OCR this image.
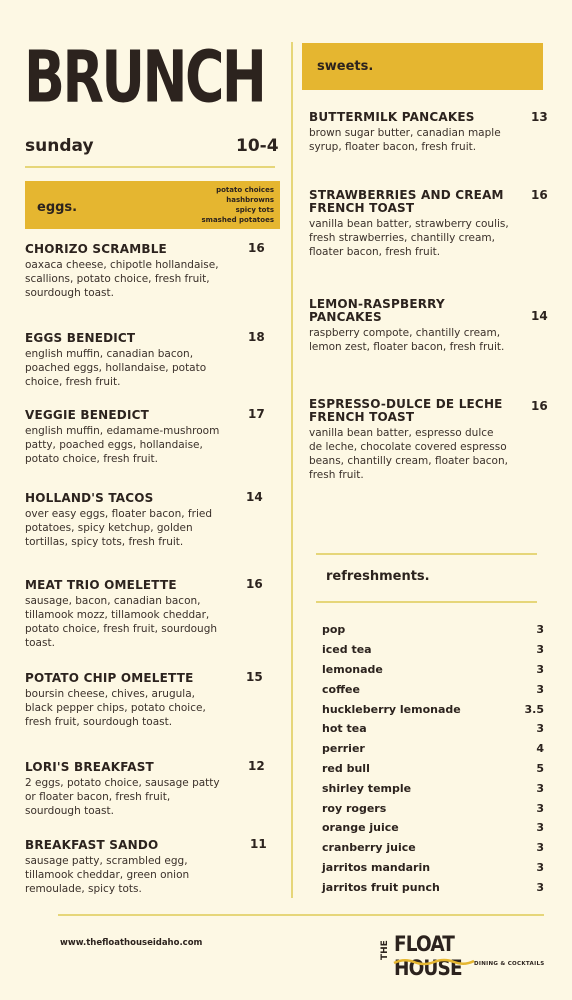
BRUNCH
sunday	10-4
eggs.
potato choices
hashbrowns
spicy tots
smashed potatoes
CHORIZO SCRAMBLE
oaxaca cheese, chipotle hollandaise, scallions, potato choice, fresh fruit, sourdough toast.
16
EGGS BENEDICT
english muffin, canadian bacon, poached eggs, hollandaise, potato choice, fresh fruit.
18
VEGGIE BENEDICT
english muffin, edamame-mushroom patty, poached eggs, hollandaise, potato choice, fresh fruit.
17
HOLLAND'S TACOS
over easy eggs, floater bacon, fried potatoes, spicy ketchup, golden tortillas, spicy tots, fresh fruit.
14
MEAT TRIO OMELETTE
sausage, bacon, canadian bacon, tillamook mozz, tillamook cheddar, potato choice, fresh fruit, sourdough toast.
16
POTATO CHIP OMELETTE
boursin cheese, chives, arugula, black pepper chips, potato choice, fresh fruit, sourdough toast.
15
LORI'S BREAKFAST
2 eggs, potato choice, sausage patty or floater bacon, fresh fruit, sourdough toast.
12
BREAKFAST SANDO
sausage patty, scrambled egg, tillamook cheddar, green onion remoulade, spicy tots.
11
sweets.
BUTTERMILK PANCAKES
brown sugar butter, canadian maple syrup, floater bacon, fresh fruit.
13
STRAWBERRIES AND CREAM FRENCH TOAST
vanilla bean batter, strawberry coulis, fresh strawberries, chantilly cream, floater bacon, fresh fruit.
16
LEMON-RASPBERRY PANCAKES
raspberry compote, chantilly cream, lemon zest, floater bacon, fresh fruit.
14
ESPRESSO-DULCE DE LECHE FRENCH TOAST
vanilla bean batter, espresso dulce de leche, chocolate covered espresso beans, chantilly cream, floater bacon, fresh fruit.
16
refreshments.
pop	3
iced tea	3
lemonade	3
coffee	3
huckleberry lemonade	3.5
hot tea	3
perrier	4
red bull	5
shirley temple	3
roy rogers	3
orange juice	3
cranberry juice	3
jarritos mandarin	3
jarritos fruit punch	3
www.thefloathouseidaho.com	THE FLOAT HOUSE	DINING & COCKTAILS
